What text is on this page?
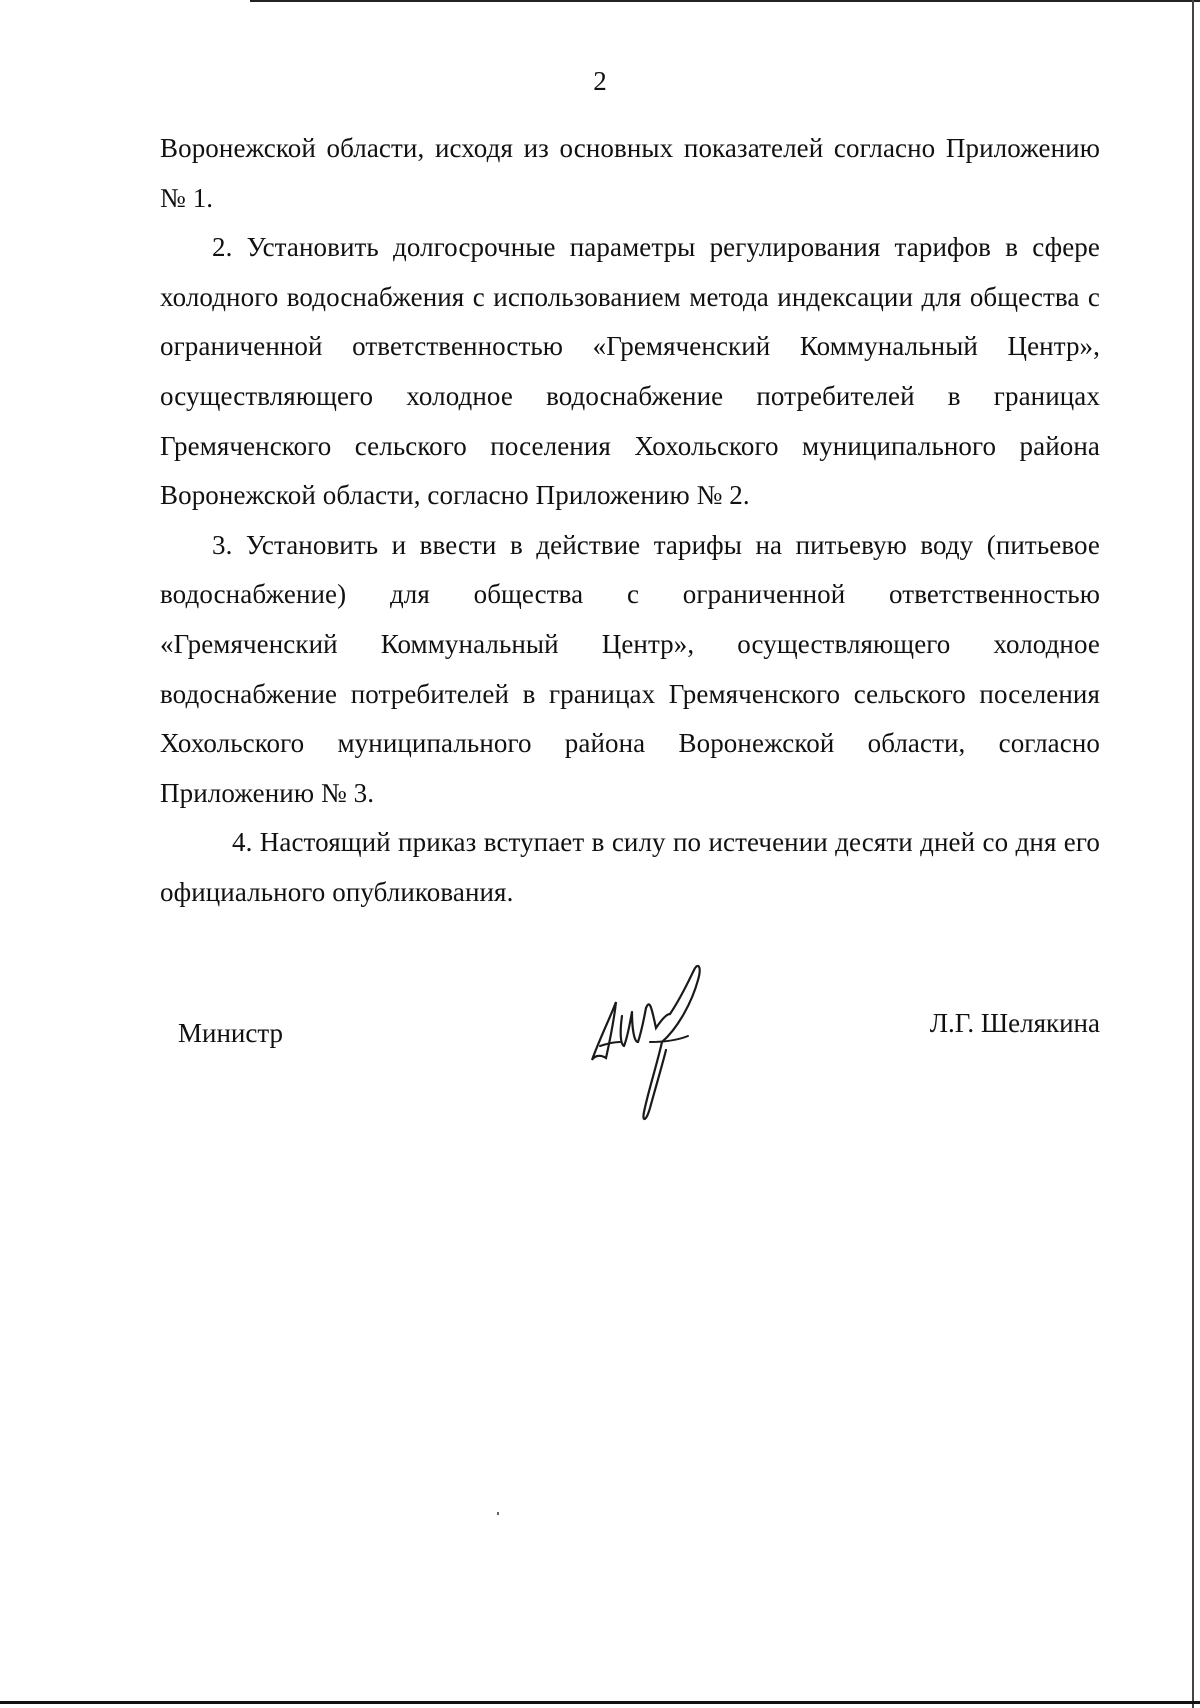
2

Воронежской области, исходя из основных показателей согласно Приложению № 1.

2. Установить долгосрочные параметры регулирования тарифов в сфере холодного водоснабжения с использованием метода индексации для общества с ограниченной ответственностью «Гремяченский Коммунальный Центр», осуществляющего холодное водоснабжение потребителей в границах Гремяченского сельского поселения Хохольского муниципального района Воронежской области, согласно Приложению № 2.

3. Установить и ввести в действие тарифы на питьевую воду (питьевое водоснабжение) для общества с ограниченной ответственностью «Гремяченский Коммунальный Центр», осуществляющего холодное водоснабжение потребителей в границах Гремяченского сельского поселения Хохольского муниципального района Воронежской области, согласно Приложению № 3.

4. Настоящий приказ вступает в силу по истечении десяти дней со дня его официального опубликования.

Министр	Л.Г. Шелякина
